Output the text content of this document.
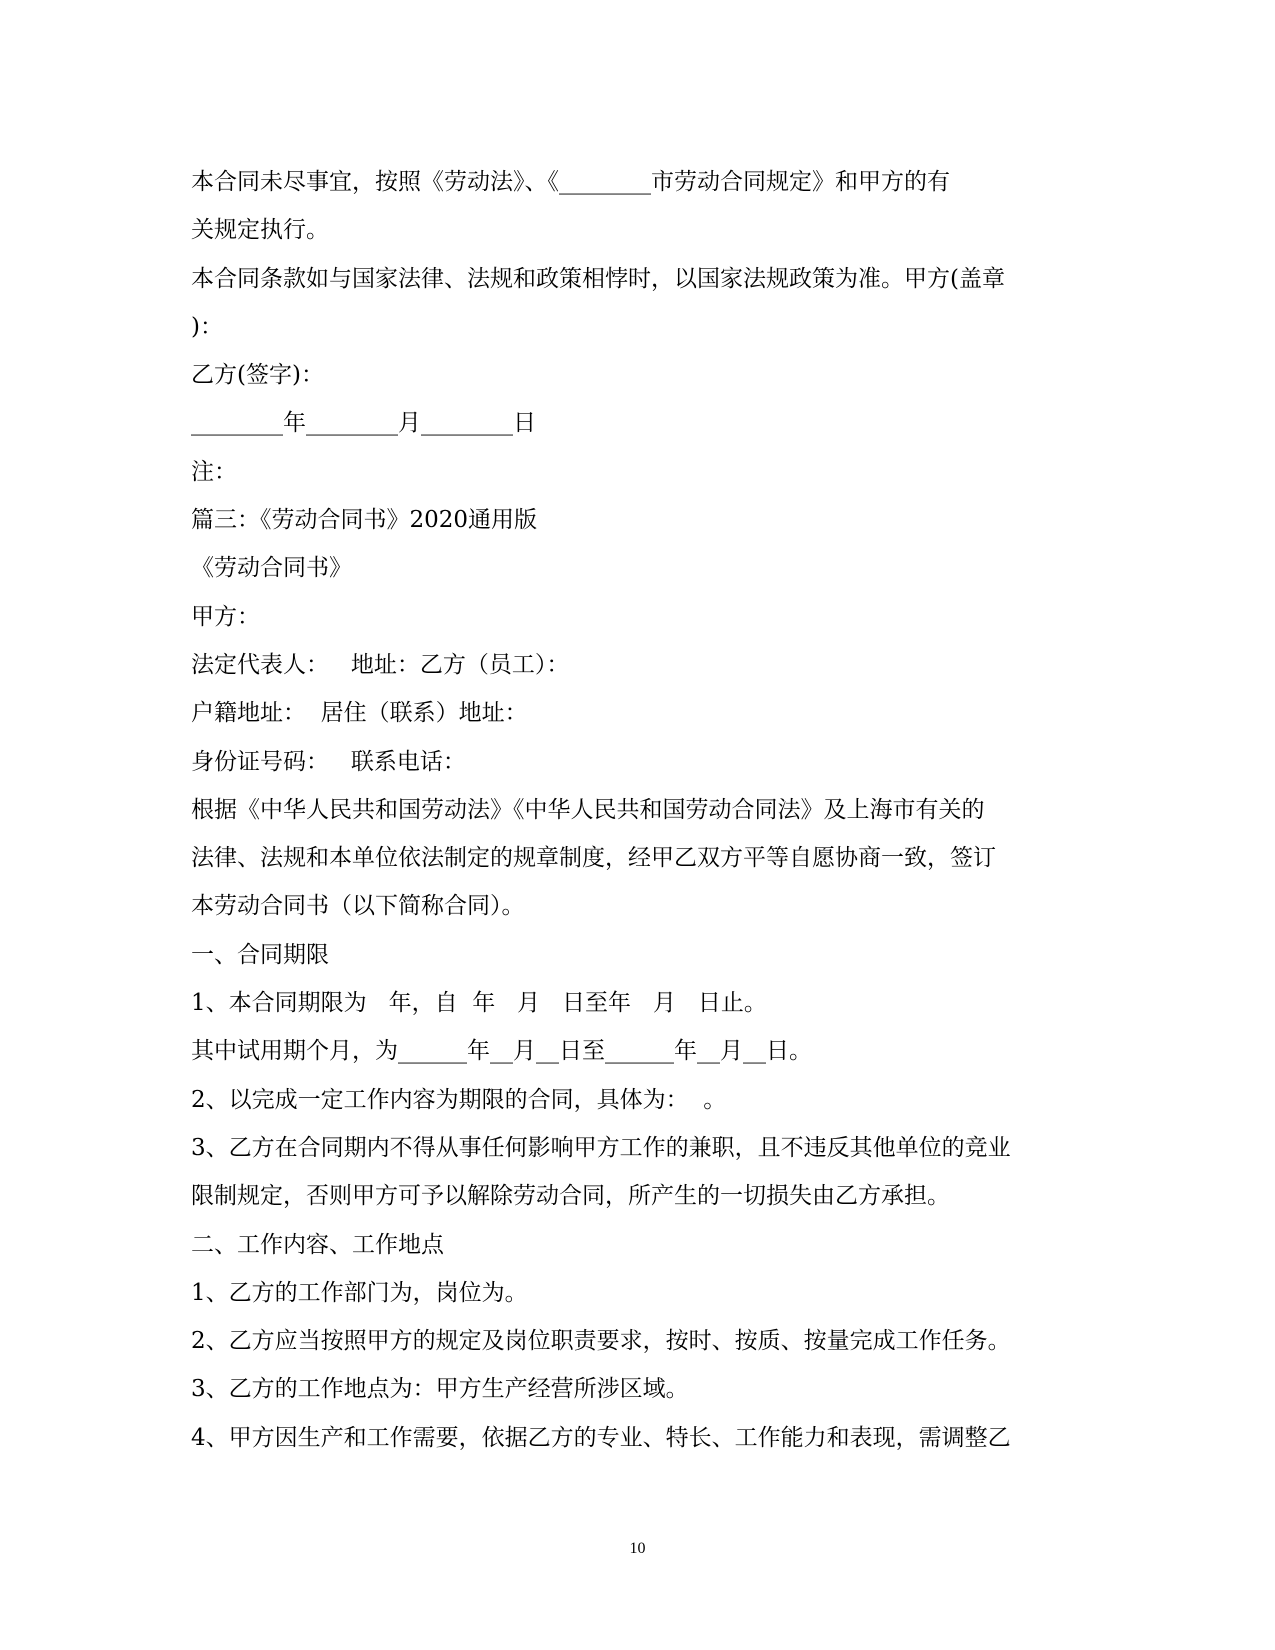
本合同未尽事宜，按照《劳动法》、《________市劳动合同规定》和甲方的有
关规定执行。
本合同条款如与国家法律、法规和政策相悖时，以国家法规政策为准。甲方(盖章
)：
乙方(签字)：
________年________月________日
注：
篇三：《劳动合同书》2020通用版
《劳动合同书》
甲方：
法定代表人：   地址：乙方（员工）：
户籍地址：  居住（联系）地址：
身份证号码：   联系电话：
根据《中华人民共和国劳动法》《中华人民共和国劳动合同法》及上海市有关的
法律、法规和本单位依法制定的规章制度，经甲乙双方平等自愿协商一致，签订
本劳动合同书（以下简称合同）。
一、合同期限
1、本合同期限为   年，自  年   月   日至年   月   日止。
其中试用期个月，为______年__月__日至______年__月__日。
2、以完成一定工作内容为期限的合同，具体为：  。
3、乙方在合同期内不得从事任何影响甲方工作的兼职，且不违反其他单位的竞业
限制规定，否则甲方可予以解除劳动合同，所产生的一切损失由乙方承担。
二、工作内容、工作地点
1、乙方的工作部门为，岗位为。
2、乙方应当按照甲方的规定及岗位职责要求，按时、按质、按量完成工作任务。
3、乙方的工作地点为：甲方生产经营所涉区域。
4、甲方因生产和工作需要，依据乙方的专业、特长、工作能力和表现，需调整乙
10
